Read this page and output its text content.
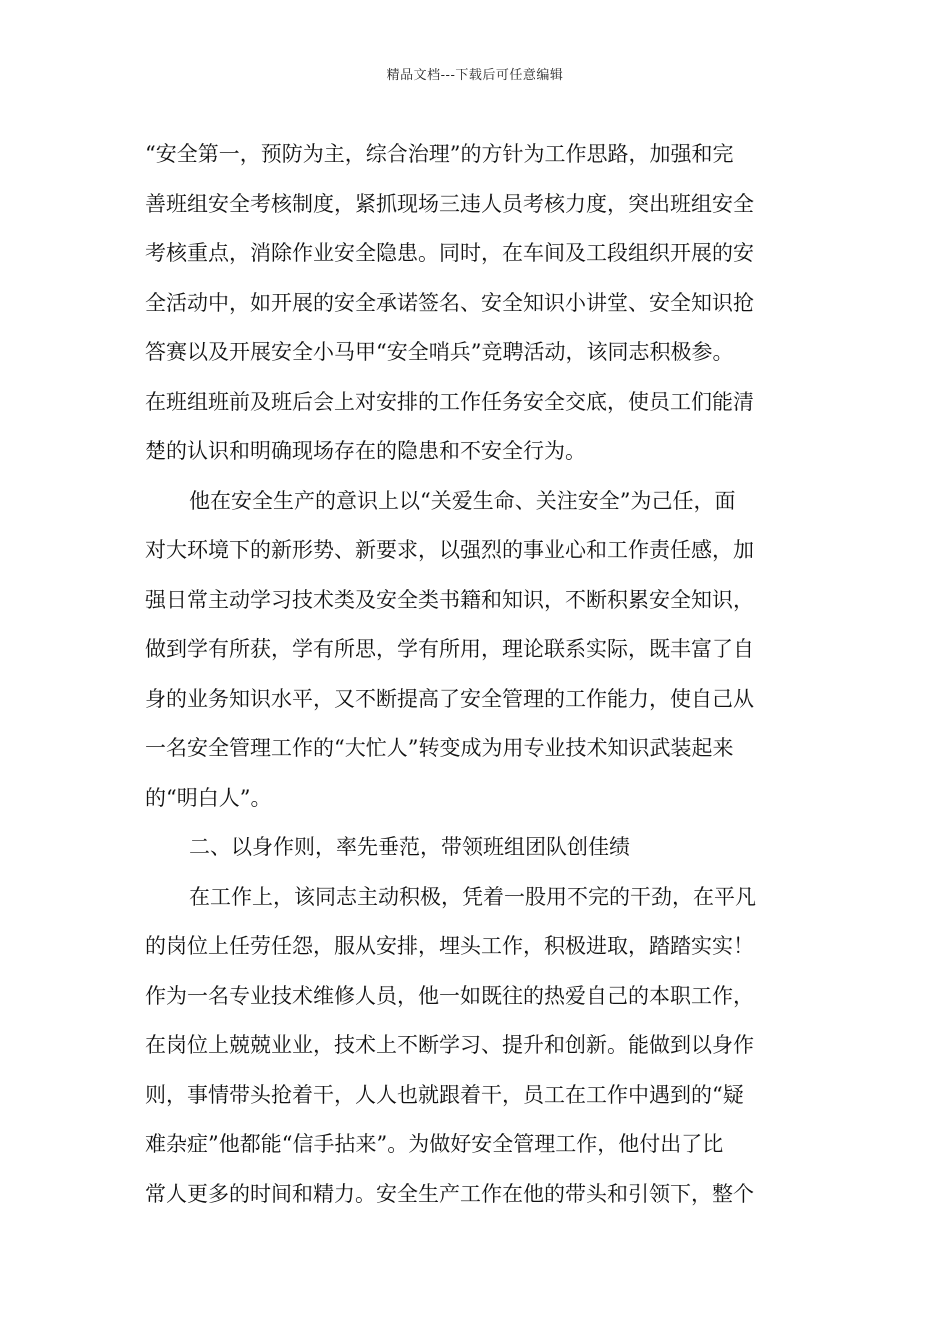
精品文档---下载后可任意编辑
“安全第一，预防为主，综合治理”的方针为工作思路，加强和完
善班组安全考核制度，紧抓现场三违人员考核力度，突出班组安全
考核重点，消除作业安全隐患。同时，在车间及工段组织开展的安
全活动中，如开展的安全承诺签名、安全知识小讲堂、安全知识抢
答赛以及开展安全小马甲“安全哨兵”竞聘活动，该同志积极参。
在班组班前及班后会上对安排的工作任务安全交底，使员工们能清
楚的认识和明确现场存在的隐患和不安全行为。
他在安全生产的意识上以“关爱生命、关注安全”为己任，面
对大环境下的新形势、新要求，以强烈的事业心和工作责任感，加
强日常主动学习技术类及安全类书籍和知识，不断积累安全知识，
做到学有所获，学有所思，学有所用，理论联系实际，既丰富了自
身的业务知识水平，又不断提高了安全管理的工作能力，使自己从
一名安全管理工作的“大忙人”转变成为用专业技术知识武装起来
的“明白人”。
二、以身作则，率先垂范，带领班组团队创佳绩
在工作上，该同志主动积极，凭着一股用不完的干劲，在平凡
的岗位上任劳任怨，服从安排，埋头工作，积极进取，踏踏实实！
作为一名专业技术维修人员，他一如既往的热爱自己的本职工作，
在岗位上兢兢业业，技术上不断学习、提升和创新。能做到以身作
则，事情带头抢着干，人人也就跟着干，员工在工作中遇到的“疑
难杂症”他都能“信手拈来”。为做好安全管理工作，他付出了比
常人更多的时间和精力。安全生产工作在他的带头和引领下，整个
